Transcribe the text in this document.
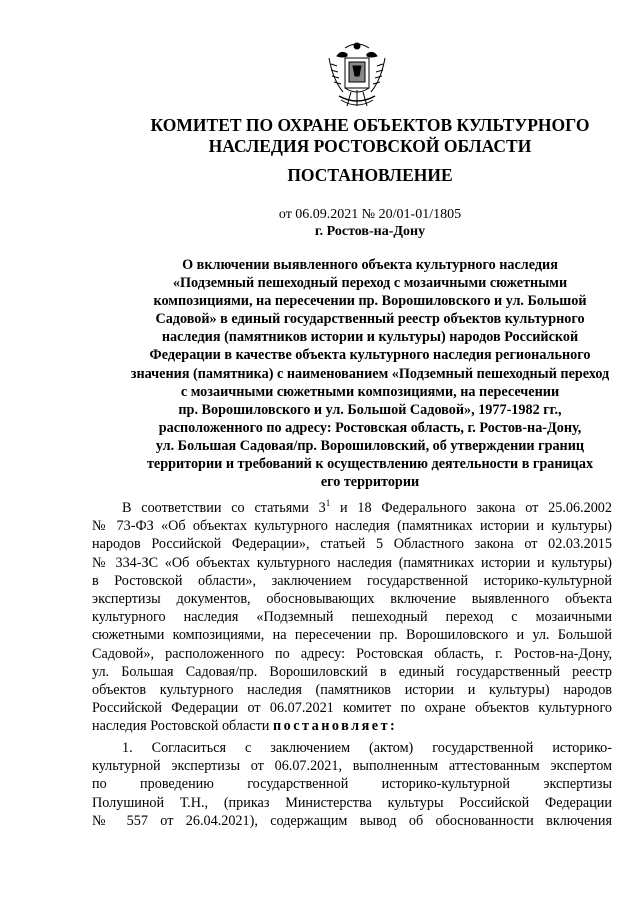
КОМИТЕТ ПО ОХРАНЕ ОБЪЕКТОВ КУЛЬТУРНОГО
НАСЛЕДИЯ РОСТОВСКОЙ ОБЛАСТИ
ПОСТАНОВЛЕНИЕ
от 06.09.2021 № 20/01-01/1805
г. Ростов-на-Дону
О включении выявленного объекта культурного наследия
«Подземный пешеходный переход с мозаичными сюжетными
композициями, на пересечении пр. Ворошиловского и ул. Большой
Садовой» в единый государственный реестр объектов культурного
наследия (памятников истории и культуры) народов Российской
Федерации в качестве объекта культурного наследия регионального
значения (памятника) с наименованием «Подземный пешеходный переход
с мозаичными сюжетными композициями, на пересечении
пр. Ворошиловского и ул. Большой Садовой», 1977-1982 гг.,
расположенного по адресу: Ростовская область, г. Ростов-на-Дону,
ул. Большая Садовая/пр. Ворошиловский, об утверждении границ
территории и требований к осуществлению деятельности в границах
его территории
В соответствии со статьями $3^1$ и 18 Федерального закона от 25.06.2002
№ 73-ФЗ «Об объектах культурного наследия (памятниках истории и культуры)
народов Российской Федерации», статьей 5 Областного закона от 02.03.2015
№ 334-ЗС «Об объектах культурного наследия (памятниках истории и культуры)
в Ростовской области», заключением государственной историко-культурной
экспертизы документов, обосновывающих включение выявленного объекта
культурного наследия «Подземный пешеходный переход с мозаичными
сюжетными композициями, на пересечении пр. Ворошиловского и ул. Большой
Садовой», расположенного по адресу: Ростовская область, г. Ростов-на-Дону,
ул. Большая Садовая/пр. Ворошиловский в единый государственный реестр
объектов культурного наследия (памятников истории и культуры) народов
Российской Федерации от 06.07.2021 комитет по охране объектов культурного
наследия Ростовской области постановляет:
1. Согласиться с заключением (актом) государственной историко-
культурной экспертизы от 06.07.2021, выполненным аттестованным экспертом
по проведению государственной историко-культурной экспертизы
Полушиной Т.Н., (приказ Министерства культуры Российской Федерации
№ 557 от 26.04.2021), содержащим вывод об обоснованности включения
